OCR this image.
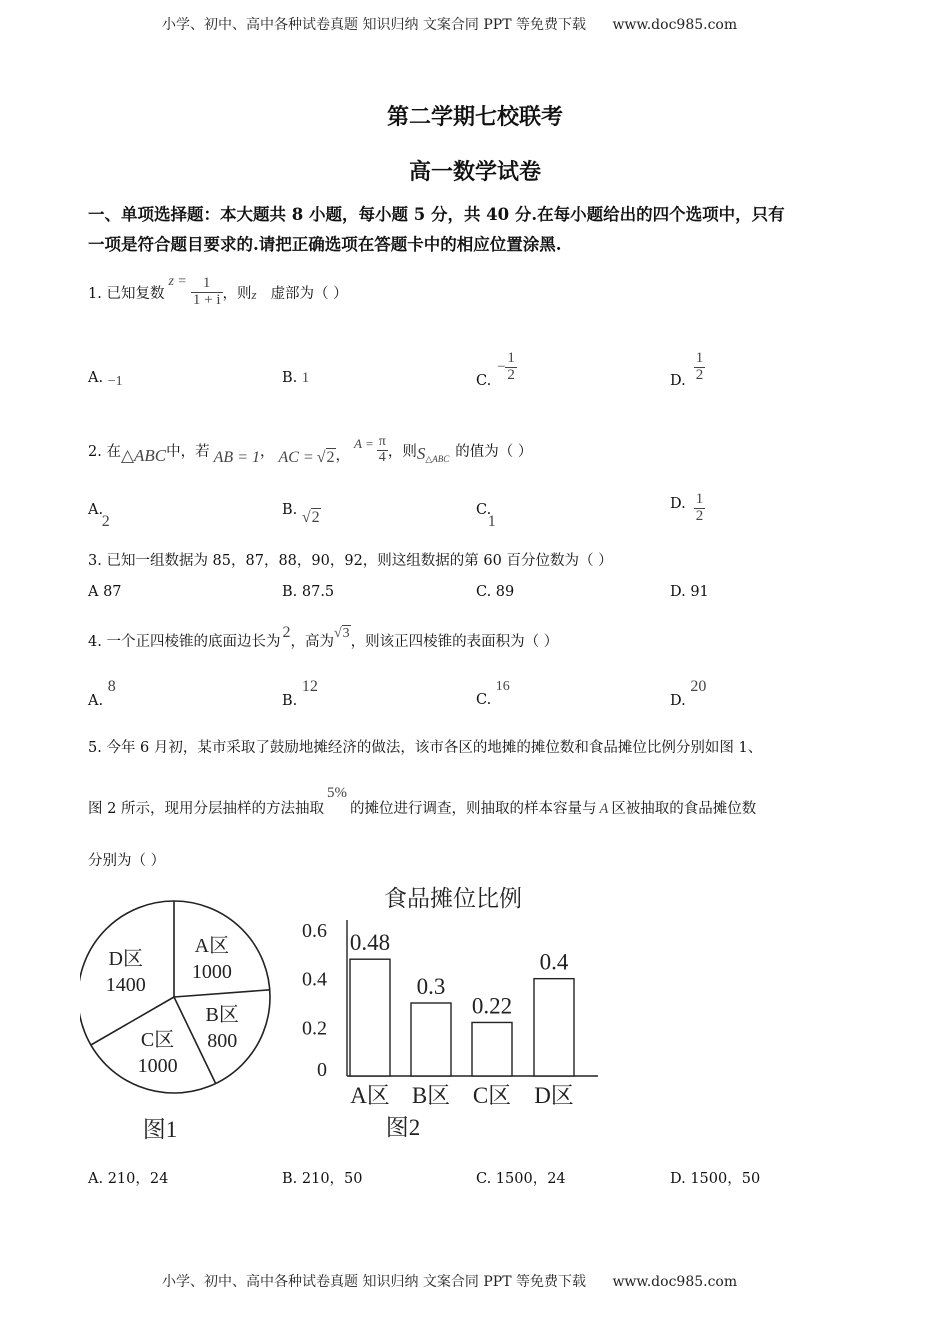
小学、初中、高中各种试卷真题 知识归纳 文案合同 PPT 等免费下载 www.doc985.com
第二学期七校联考
高一数学试卷
一、单项选择题：本大题共 8 小题，每小题 5 分，共 40 分.在每小题给出的四个选项中，只有
一项是符合题目要求的.请把正确选项在答题卡中的相应位置涂黑.
1. 已知复数
$z = \frac{1}{1 + i}$ ，则 z 虚部为（ ）
A. −1	B. 1	C.
− $\frac{1}{2}$	D. $\frac{1}{2}$
2. 在 △ABC 中，若 AB = 1 ， AC = √2 ，
$A = \frac{\pi}{4}$ ，则 S △ABC 的值为（ ）
A. 2
B. √2	C. 1
D. $\frac{1}{2}$
3. 已知一组数据为 85，87，88，90，92，则这组数据的第 60 百分位数为（ ）
A 87	B. 87.5	C. 89	D. 91
4. 一个正四棱锥的底面边长为
2
，高为 √3 ，则该正四棱锥的表面积为（ ）
A. 8
B. 12
C. 16
D. 20
5. 今年 6 月初，某市采取了鼓励地摊经济的做法，该市各区的地摊的摊位数和食品摊位比例分别如图 1、
图 2 所示，现用分层抽样的方法抽取
5%
的摊位进行调查，则抽取的样本容量与 A 区被抽取的食品摊位数
分别为（ ）
A区
1000
B区
800
C区
1000
D区
1400
食品摊位比例
0
0.2
0.4
0.6 0.48
A区
0.3
B区
0.22
C区
0.4
D区
图1	图2
A. 210，24	B. 210，50	C. 1500，24	D. 1500，50
小学、初中、高中各种试卷真题 知识归纳 文案合同 PPT 等免费下载 www.doc985.com
